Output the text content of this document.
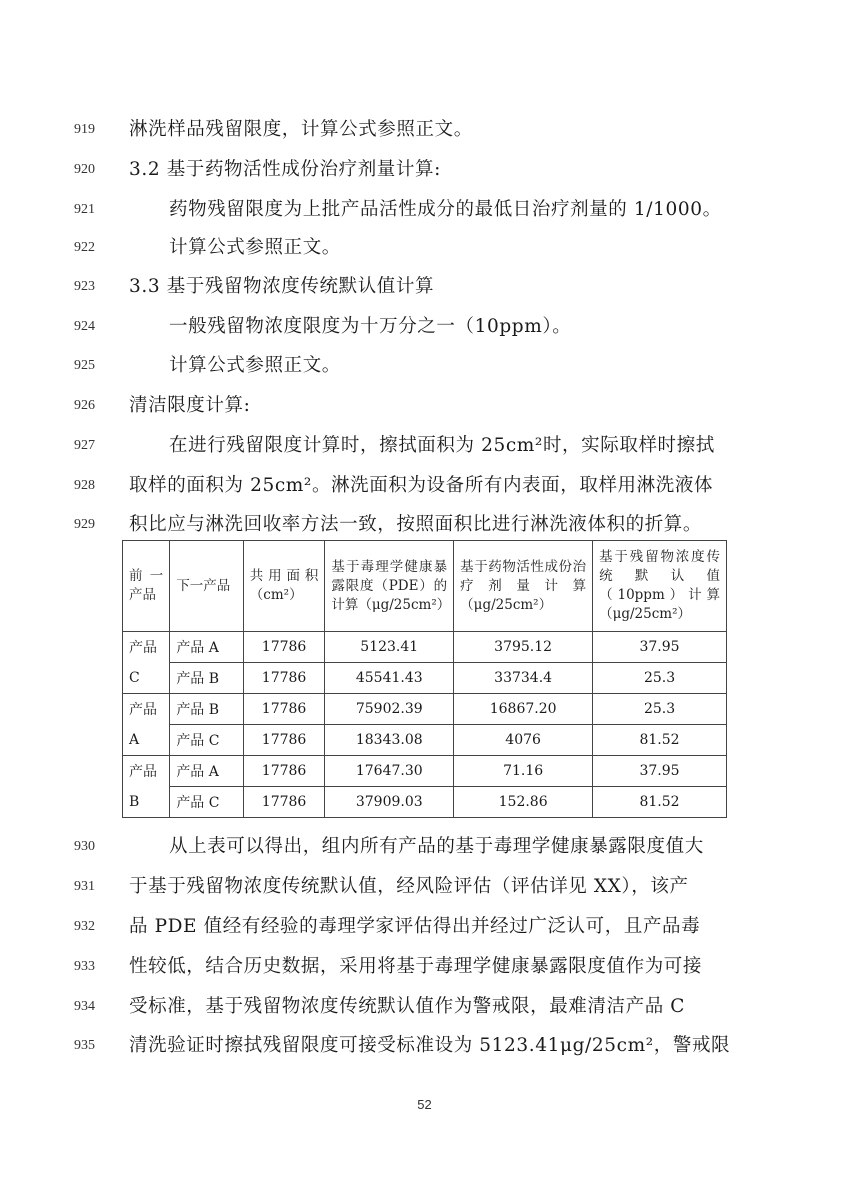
919	淋洗样品残留限度，计算公式参照正文。
920	3.2 基于药物活性成份治疗剂量计算:
921	药物残留限度为上批产品活性成分的最低日治疗剂量的 1/1000。
922	计算公式参照正文。
923	3.3 基于残留物浓度传统默认值计算
924	一般残留物浓度限度为十万分之一（10ppm）。
925	计算公式参照正文。
926	清洁限度计算:
927	在进行残留限度计算时，擦拭面积为 25cm²时，实际取样时擦拭
928	取样的面积为 25cm²。淋洗面积为设备所有内表面，取样用淋洗液体
929	积比应与淋洗回收率方法一致，按照面积比进行淋洗液体积的折算。
前一产品	下一产品	共用面积（cm²）	基于毒理学健康暴露限度（PDE）的计算（μg/25cm²）	基于药物活性成份治疗剂量计算（μg/25cm²）	基于残留物浓度传统默认值（10ppm）计算（μg/25cm²）
产品 C	产品 A	17786	5123.41	3795.12	37.95
	产品 B	17786	45541.43	33734.4	25.3
产品 A	产品 B	17786	75902.39	16867.20	25.3
	产品 C	17786	18343.08	4076	81.52
产品 B	产品 A	17786	17647.30	71.16	37.95
	产品 C	17786	37909.03	152.86	81.52
930	从上表可以得出，组内所有产品的基于毒理学健康暴露限度值大
931	于基于残留物浓度传统默认值，经风险评估（评估详见 XX），该产
932	品 PDE 值经有经验的毒理学家评估得出并经过广泛认可，且产品毒
933	性较低，结合历史数据，采用将基于毒理学健康暴露限度值作为可接
934	受标准，基于残留物浓度传统默认值作为警戒限，最难清洁产品 C
935	清洗验证时擦拭残留限度可接受标准设为 5123.41μg/25cm²，警戒限
52
